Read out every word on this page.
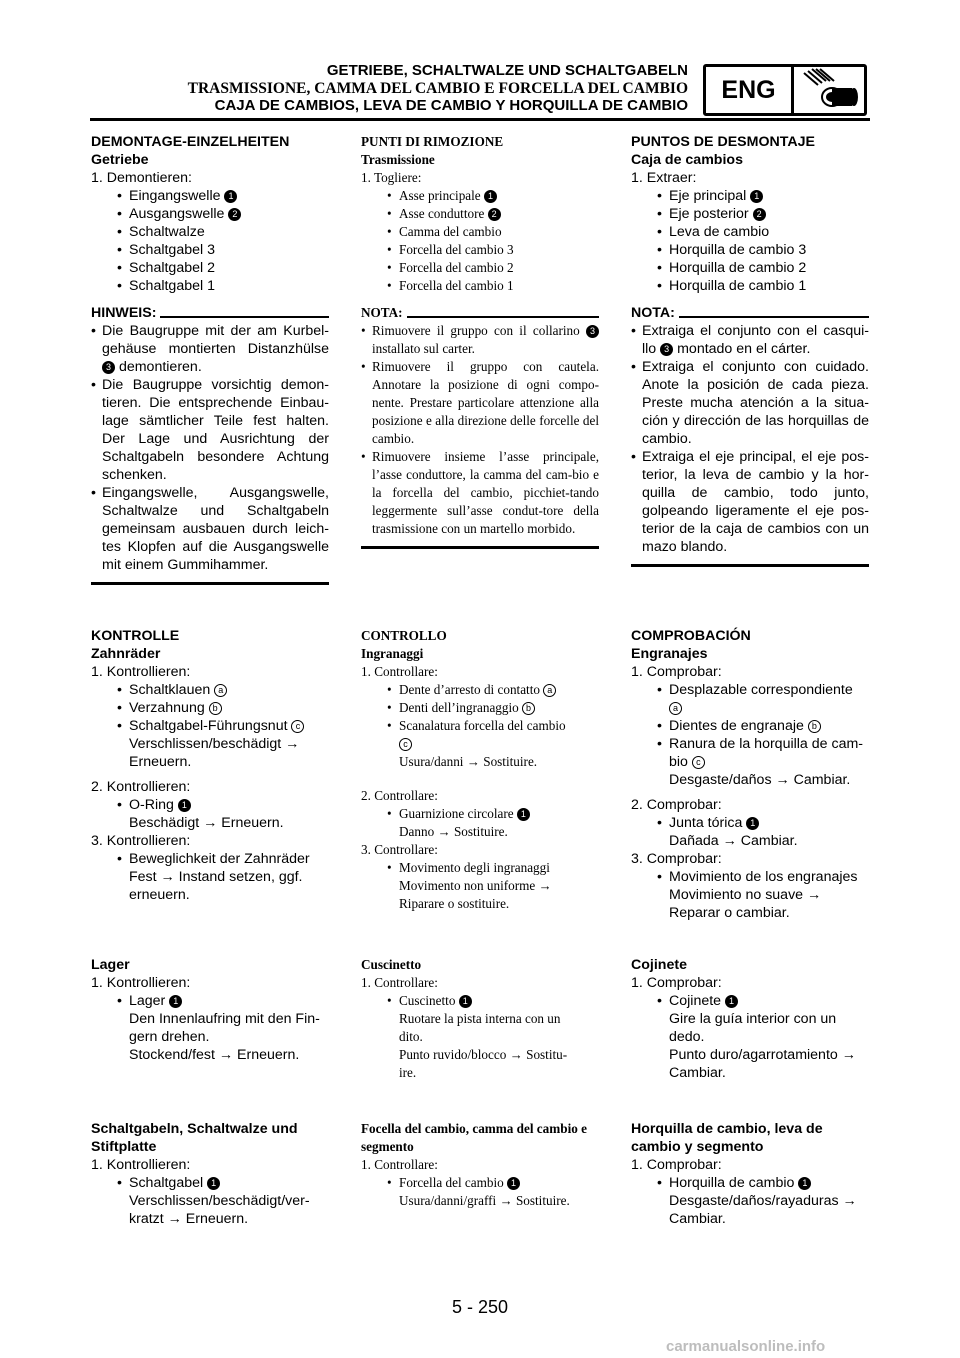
GETRIEBE, SCHALTWALZE UND SCHALTGABELN
TRASMISSIONE, CAMMA DEL CAMBIO E FORCELLA DEL CAMBIO
CAJA DE CAMBIOS, LEVA DE CAMBIO Y HORQUILLA DE CAMBIO
ENG
DEMONTAGE-EINZELHEITEN
Getriebe
1. Demontieren:
• Eingangswelle 1
• Ausgangswelle 2
• Schaltwalze
• Schaltgabel 3
• Schaltgabel 2
• Schaltgabel 1
HINWEIS:
• Die Baugruppe mit der am Kurbel-gehäuse montierten Distanzhülse 3 demontieren.
• Die Baugruppe vorsichtig demon-tieren. Die entsprechende Einbau-lage sämtlicher Teile fest halten. Der Lage und Ausrichtung der Schaltgabeln besondere Achtung schenken.
• Eingangswelle, Ausgangswelle, Schaltwalze und Schaltgabeln gemeinsam ausbauen durch leich-tes Klopfen auf die Ausgangswelle mit einem Gummihammer.
KONTROLLE
Zahnräder
1. Kontrollieren:
• Schaltklauen a
• Verzahnung b
• Schaltgabel-Führungsnut c
Verschlissen/beschädigt →
Erneuern.
2. Kontrollieren:
• O-Ring 1
Beschädigt → Erneuern.
3. Kontrollieren:
• Beweglichkeit der Zahnräder
Fest → Instand setzen, ggf.
erneuern.
Lager
1. Kontrollieren:
• Lager 1
Den Innenlaufring mit den Fin-
gern drehen.
Stockend/fest → Erneuern.
Schaltgabeln, Schaltwalze und Stiftplatte
1. Kontrollieren:
• Schaltgabel 1
Verschlissen/beschädigt/ver-
kratzt → Erneuern.
PUNTI DI RIMOZIONE
Trasmissione
1. Togliere:
• Asse principale 1
• Asse conduttore 2
• Camma del cambio
• Forcella del cambio 3
• Forcella del cambio 2
• Forcella del cambio 1
NOTA:
• Rimuovere il gruppo con il collarino 3 installato sul carter.
• Rimuovere il gruppo con cautela. Annotare la posizione di ogni compo-nente. Prestare particolare attenzione alla posizione e alla direzione delle forcelle del cambio.
• Rimuovere insieme l’asse principale, l’asse conduttore, la camma del cam-bio e la forcella del cambio, picchiet-tando leggermente sull’asse condut-tore della trasmissione con un martello morbido.
CONTROLLO
Ingranaggi
1. Controllare:
• Dente d’arresto di contatto a
• Denti dell’ingranaggio b
• Scanalatura forcella del cambio
c
Usura/danni → Sostituire.
2. Controllare:
• Guarnizione circolare 1
Danno → Sostituire.
3. Controllare:
• Movimento degli ingranaggi
Movimento non uniforme →
Riparare o sostituire.
Cuscinetto
1. Controllare:
• Cuscinetto 1
Ruotare la pista interna con un
dito.
Punto ruvido/blocco → Sostitu-
ire.
Focella del cambio, camma del cambio e segmento
1. Controllare:
• Forcella del cambio 1
Usura/danni/graffi → Sostituire.
PUNTOS DE DESMONTAJE
Caja de cambios
1. Extraer:
• Eje principal 1
• Eje posterior 2
• Leva de cambio
• Horquilla de cambio 3
• Horquilla de cambio 2
• Horquilla de cambio 1
NOTA:
• Extraiga el conjunto con el casqui-llo 3 montado en el cárter.
• Extraiga el conjunto con cuidado. Anote la posición de cada pieza. Preste mucha atención a la situa-ción y dirección de las horquillas de cambio.
• Extraiga el eje principal, el eje pos-terior, la leva de cambio y la hor-quilla de cambio, todo junto, golpeando ligeramente el eje pos-terior de la caja de cambios con un mazo blando.
COMPROBACIÓN
Engranajes
1. Comprobar:
• Desplazable correspondiente
a
• Dientes de engranaje b
• Ranura de la horquilla de cam-bio c
Desgaste/daños → Cambiar.
2. Comprobar:
• Junta tórica 1
Dañada → Cambiar.
3. Comprobar:
• Movimiento de los engranajes
Movimiento no suave →
Reparar o cambiar.
Cojinete
1. Comprobar:
• Cojinete 1
Gire la guía interior con un
dedo.
Punto duro/agarrotamiento →
Cambiar.
Horquilla de cambio, leva de cambio y segmento
1. Comprobar:
• Horquilla de cambio 1
Desgaste/daños/rayaduras →
Cambiar.
5 - 250
carmanualsonline.info
